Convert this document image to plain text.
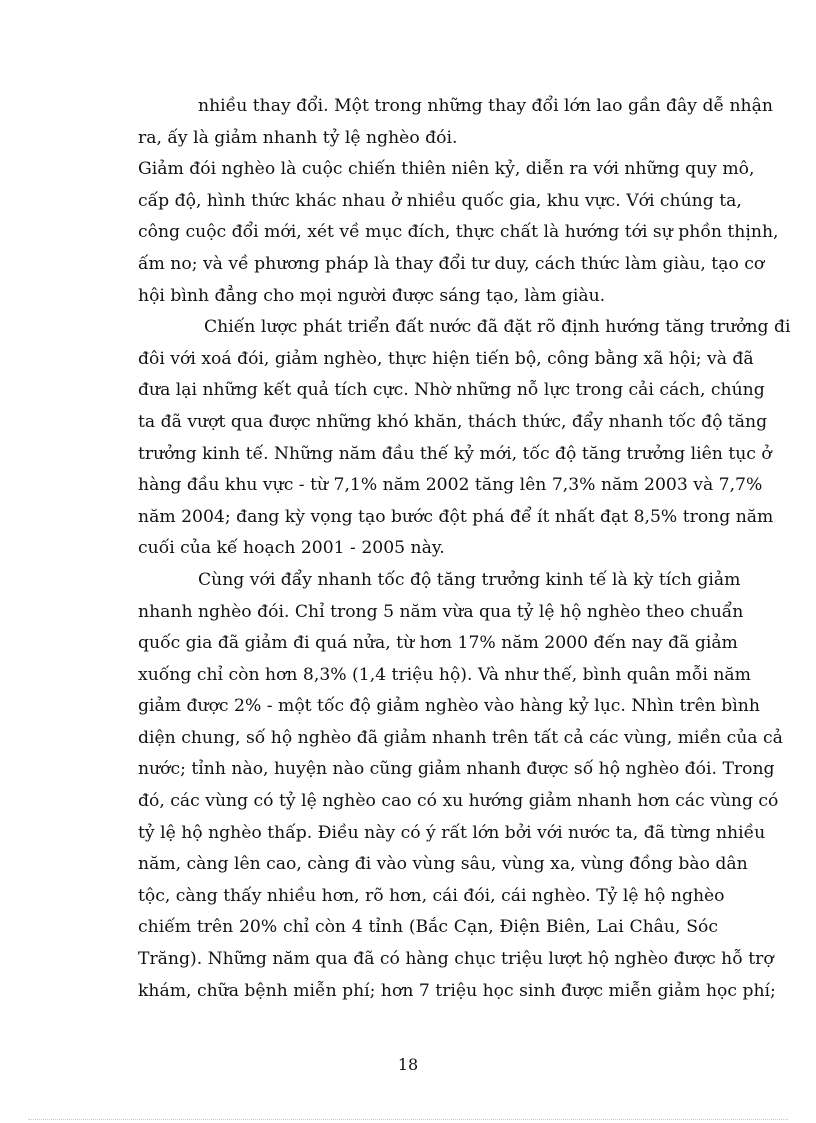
nhiều thay đổi. Một trong những thay đổi lớn lao gần đây dễ nhận
ra, ấy là giảm nhanh tỷ lệ nghèo đói.
Giảm đói nghèo là cuộc chiến thiên niên kỷ, diễn ra với những quy mô,
cấp độ, hình thức khác nhau ở nhiều quốc gia, khu vực. Với chúng ta,
công cuộc đổi mới, xét về mục đích, thực chất là hướng tới sự phồn thịnh,
ấm no; và về phương pháp là thay đổi tư duy, cách thức làm giàu, tạo cơ
hội bình đẳng cho mọi người được sáng tạo, làm giàu.
Chiến lược phát triển đất nước đã đặt rõ định hướng tăng trưởng đi
đôi với xoá đói, giảm nghèo, thực hiện tiến bộ, công bằng xã hội; và đã
đưa lại những kết quả tích cực. Nhờ những nỗ lực trong cải cách, chúng
ta đã vượt qua được những khó khăn, thách thức, đẩy nhanh tốc độ tăng
trưởng kinh tế. Những năm đầu thế kỷ mới, tốc độ tăng trưởng liên tục ở
hàng đầu khu vực - từ 7,1% năm 2002 tăng lên 7,3% năm 2003 và 7,7%
năm 2004; đang kỳ vọng tạo bước đột phá để ít nhất đạt 8,5% trong năm
cuối của kế hoạch 2001 - 2005 này.
Cùng với đẩy nhanh tốc độ tăng trưởng kinh tế là kỳ tích giảm
nhanh nghèo đói. Chỉ trong 5 năm vừa qua tỷ lệ hộ nghèo theo chuẩn
quốc gia đã giảm đi quá nửa, từ hơn 17% năm 2000 đến nay đã giảm
xuống chỉ còn hơn 8,3% (1,4 triệu hộ). Và như thế, bình quân mỗi năm
giảm được 2% - một tốc độ giảm nghèo vào hàng kỷ lục. Nhìn trên bình
diện chung, số hộ nghèo đã giảm nhanh trên tất cả các vùng, miền của cả
nước; tỉnh nào, huyện nào cũng giảm nhanh được số hộ nghèo đói. Trong
đó, các vùng có tỷ lệ nghèo cao có xu hướng giảm nhanh hơn các vùng có
tỷ lệ hộ nghèo thấp. Điều này có ý rất lớn bởi với nước ta, đã từng nhiều
năm, càng lên cao, càng đi vào vùng sâu, vùng xa, vùng đồng bào dân
tộc, càng thấy nhiều hơn, rõ hơn, cái đói, cái nghèo. Tỷ lệ hộ nghèo
chiếm trên 20% chỉ còn 4 tỉnh (Bắc Cạn, Điện Biên, Lai Châu, Sóc
Trăng). Những năm qua đã có hàng chục triệu lượt hộ nghèo được hỗ trợ
khám, chữa bệnh miễn phí; hơn 7 triệu học sinh được miễn giảm học phí;
18
